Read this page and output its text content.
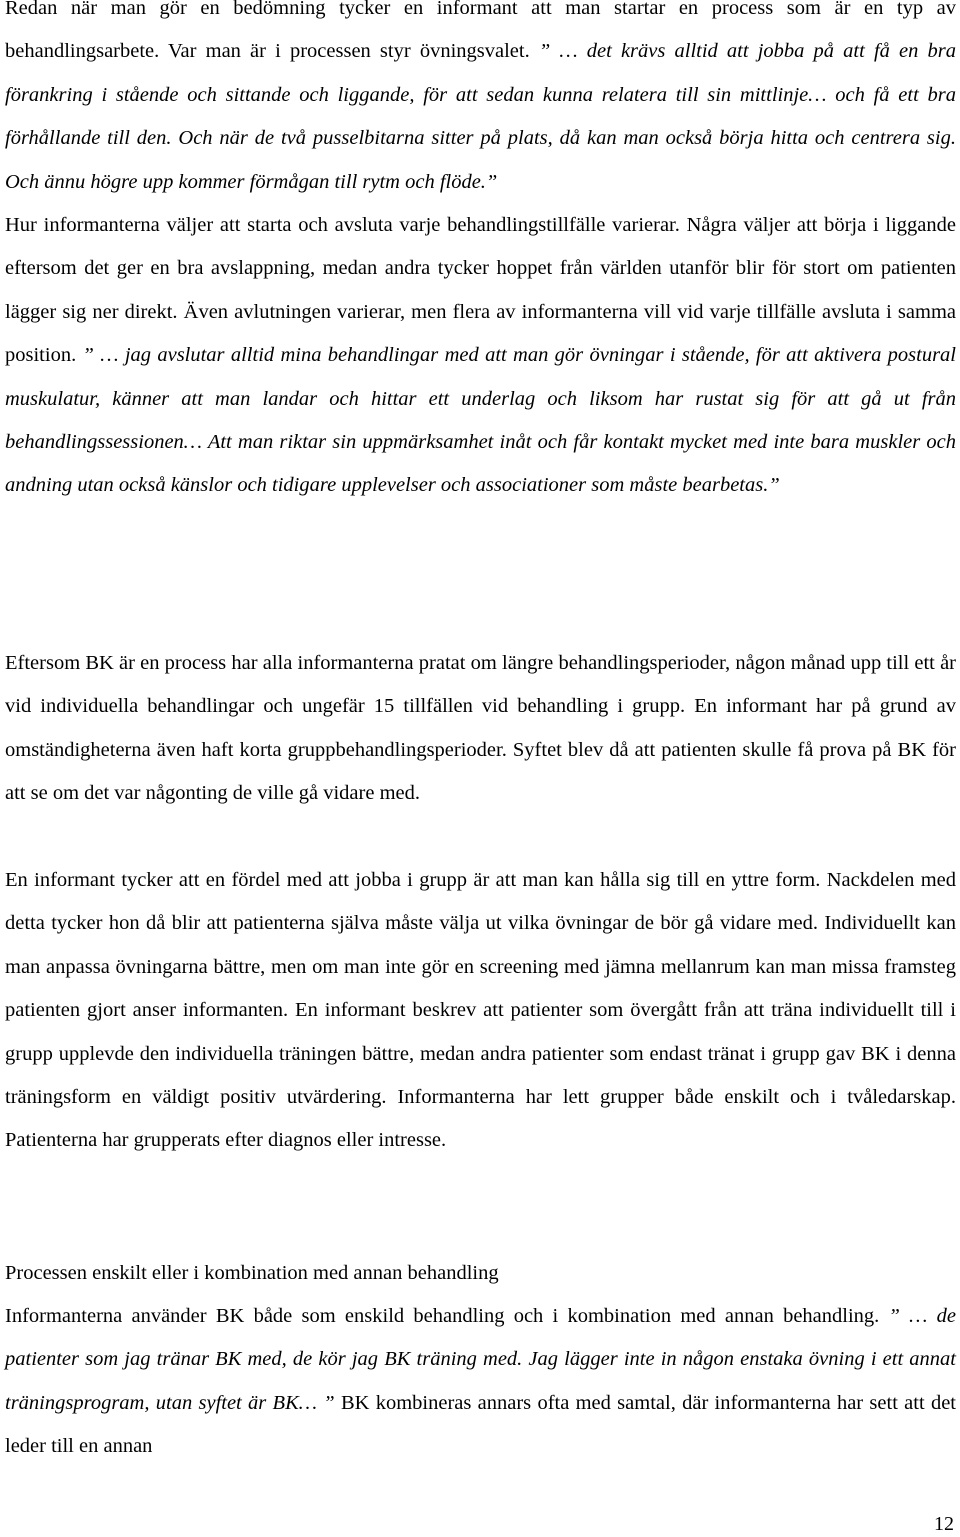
Redan när man gör en bedömning tycker en informant att man startar en process som är en typ av behandlingsarbete. Var man är i processen styr övningsvalet. ” … det krävs alltid att jobba på att få en bra förankring i stående och sittande och liggande, för att sedan kunna relatera till sin mittlinje… och få ett bra förhållande till den. Och när de två pusselbitarna sitter på plats, då kan man också börja hitta och centrera sig. Och ännu högre upp kommer förmågan till rytm och flöde.”
Hur informanterna väljer att starta och avsluta varje behandlingstillfälle varierar. Några väljer att börja i liggande eftersom det ger en bra avslappning, medan andra tycker hoppet från världen utanför blir för stort om patienten lägger sig ner direkt. Även avlutningen varierar, men flera av informanterna vill vid varje tillfälle avsluta i samma position. ” … jag avslutar alltid mina behandlingar med att man gör övningar i stående, för att aktivera postural muskulatur, känner att man landar och hittar ett underlag och liksom har rustat sig för att gå ut från behandlingssessionen… Att man riktar sin uppmärksamhet inåt och får kontakt mycket med inte bara muskler och andning utan också känslor och tidigare upplevelser och associationer som måste bearbetas.”

Eftersom BK är en process har alla informanterna pratat om längre behandlingsperioder, någon månad upp till ett år vid individuella behandlingar och ungefär 15 tillfällen vid behandling i grupp. En informant har på grund av omständigheterna även haft korta gruppbehandlingsperioder. Syftet blev då att patienten skulle få prova på BK för att se om det var någonting de ville gå vidare med.

En informant tycker att en fördel med att jobba i grupp är att man kan hålla sig till en yttre form. Nackdelen med detta tycker hon då blir att patienterna själva måste välja ut vilka övningar de bör gå vidare med. Individuellt kan man anpassa övningarna bättre, men om man inte gör en screening med jämna mellanrum kan man missa framsteg patienten gjort anser informanten. En informant beskrev att patienter som övergått från att träna individuellt till i grupp upplevde den individuella träningen bättre, medan andra patienter som endast tränat i grupp gav BK i denna träningsform en väldigt positiv utvärdering. Informanterna har lett grupper både enskilt och i tvåledarskap. Patienterna har grupperats efter diagnos eller intresse.

Processen enskilt eller i kombination med annan behandling

Informanterna använder BK både som enskild behandling och i kombination med annan behandling. ” … de patienter som jag tränar BK med, de kör jag BK träning med. Jag lägger inte in någon enstaka övning i ett annat träningsprogram, utan syftet är BK… ” BK kombineras annars ofta med samtal, där informanterna har sett att det leder till en annan

12
